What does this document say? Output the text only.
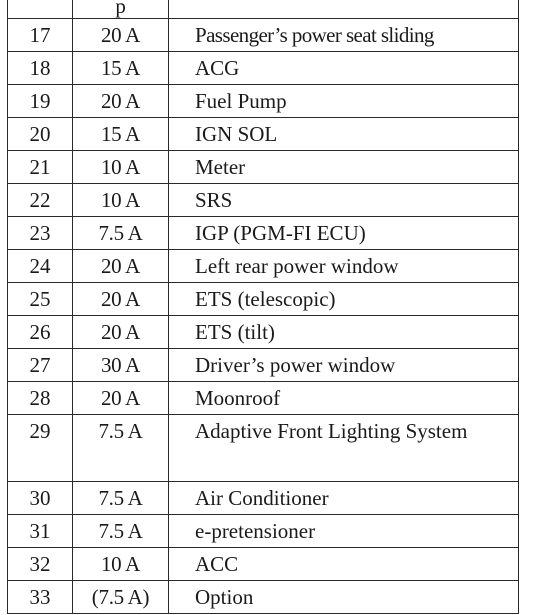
	p	
17	20 A	Passenger’s power seat sliding
18	15 A	ACG
19	20 A	Fuel Pump
20	15 A	IGN SOL
21	10 A	Meter
22	10 A	SRS
23	7.5 A	IGP (PGM-FI ECU)
24	20 A	Left rear power window
25	20 A	ETS (telescopic)
26	20 A	ETS (tilt)
27	30 A	Driver’s power window
28	20 A	Moonroof
29	7.5 A	Adaptive Front Lighting System
30	7.5 A	Air Conditioner
31	7.5 A	e-pretensioner
32	10 A	ACC
33	(7.5 A)	Option
